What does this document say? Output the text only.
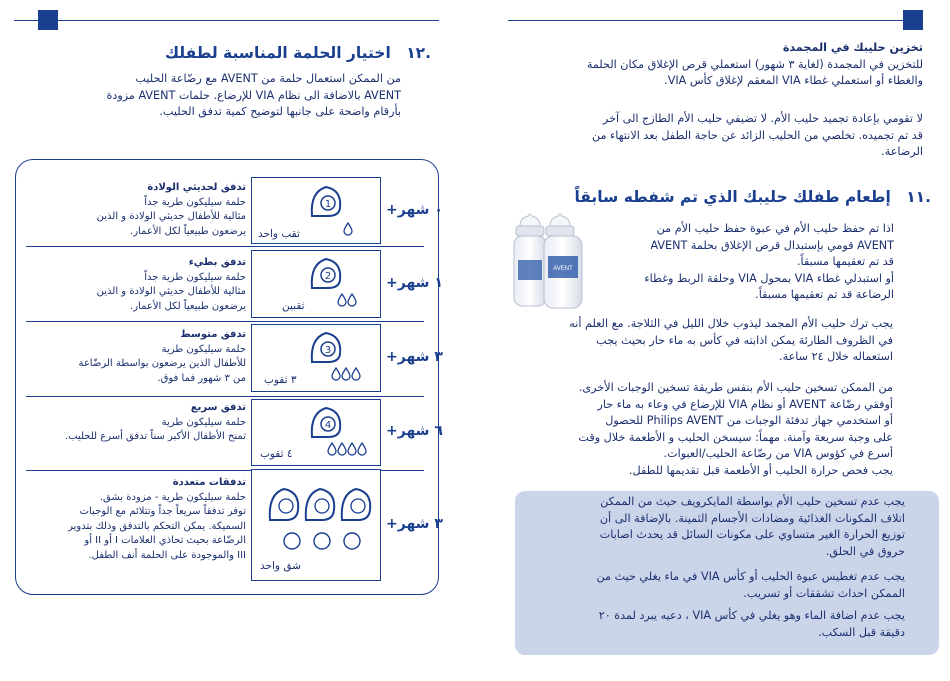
تخزين حليبك في المجمدة
للتخزين في المجمدة (لغاية ٣ شهور) استعملي قرص الإغلاق مكان الحلمة
والغطاء أو استعملي غطاء VIA المعقم لإغلاق كأس VIA.
لا تقومي بإعادة تجميد حليب الأم. لا تضيفي حليب الأم الطازج الى آخر
قد تم تجميده. تخلصي من الحليب الزائد عن حاجة الطفل بعد الانتهاء من
الرضاعة.
.١١ إطعام طفلك حليبك الذي تم شفطه سابقاً
AVENT
اذا تم حفظ حليب الأم في عبوة حفظ حليب الأم من
AVENT قومي بإستبدال قرص الإغلاق بحلمة AVENT
قد تم تعقيمها مسبقاً.
أو استبدلي غطاء VIA بمحول VIA وحلقة الربط وغطاء
الرضاعة قد تم تعقيمها مسبقاً.
يجب ترك حليب الأم المجمد ليذوب خلال الليل في الثلاجة. مع العلم أنه
في الظروف الطارئة يمكن اذابته في كأس به ماء حار بحيث يجب
استعماله خلال ٢٤ ساعة.
من الممكن تسخين حليب الأم بنفس طريقة تسخين الوجبات الأخرى.
أوفقي رضّاعة AVENT أو نظام VIA للإرضاع في وعاء به ماء حار
أو استخدمي جهاز تدفئة الوجبات من Philips AVENT للحصول
على وجبة سريعة وآمنة. مهماً: سيسخن الحليب و الأطعمة خلال وقت
أسرع في كؤوس VIA من رضّاعة الحليب/العبوات.
يجب فحص حرارة الحليب أو الأطعمة قبل تقديمها للطفل.
يجب عدم تسخين حليب الأم بواسطة المايكرويف حيث من الممكن
اتلاف المكونات الغذائية ومضادات الأجسام الثمينة. بالإضافة الى أن
توزيع الحرارة الغير متساوي على مكونات السائل قد يحدث اصابات
حروق في الحلق.
يجب عدم تغطيس عبوة الحليب أو كأس VIA في ماء يغلي حيث من
الممكن احداث تشققات أو تسريب.
يجب عدم اضافة الماء وهو يغلي في كأس VIA ، دعيه يبرد لمدة ٢٠
دقيقة قبل السكب.
.١٢ اختيار الحلمة المناسبة لطفلك
من الممكن استعمال حلمة من AVENT مع رضّاعة الحليب
AVENT بالاضافة الى نظام VIA للإرضاع. حلمات AVENT مزودة
بأرقام واضحة على جانبها لتوضيح كمية تدفق الحليب.
٠ شهر+
1
ثقب واحد
تدفق لحديثي الولادة
حلمة سيليكون طرية جداً
مثالية للأطفال حديثي الولادة و الذين
يرضعون طبيعياً لكل الأعمار.
١ شهر+
2
ثقبين
تدفق بطيء
حلمة سيليكون طرية جداً
مثالية للأطفال حديثي الولادة و الذين
يرضعون طبيعياً لكل الأعمار.
٣ شهر+
3
٣ ثقوب
تدفق متوسط
حلمة سيليكون طرية
للأطفال الذين يرضعون بواسطة الرضّاعة
من ٣ شهور فما فوق.
٦ شهر+
4
٤ ثقوب
تدفق سريع
حلمة سيليكون طرية
تمنح الأطفال الأكبر سناً تدفق أسرع للحليب.
٣ شهر+
شق واحد
تدفقات متعددة
حلمة سيليكون طرية - مزودة بشق.
توفر تدفقاً سريعاً جداً وتتلائم مع الوجبات
السميكة. يمكن التحكم بالتدفق وذلك بتدوير
الرضّاعة بحيث تحاذي العلامات I أو II أو
III والموجودة على الحلمة أنف الطفل.
